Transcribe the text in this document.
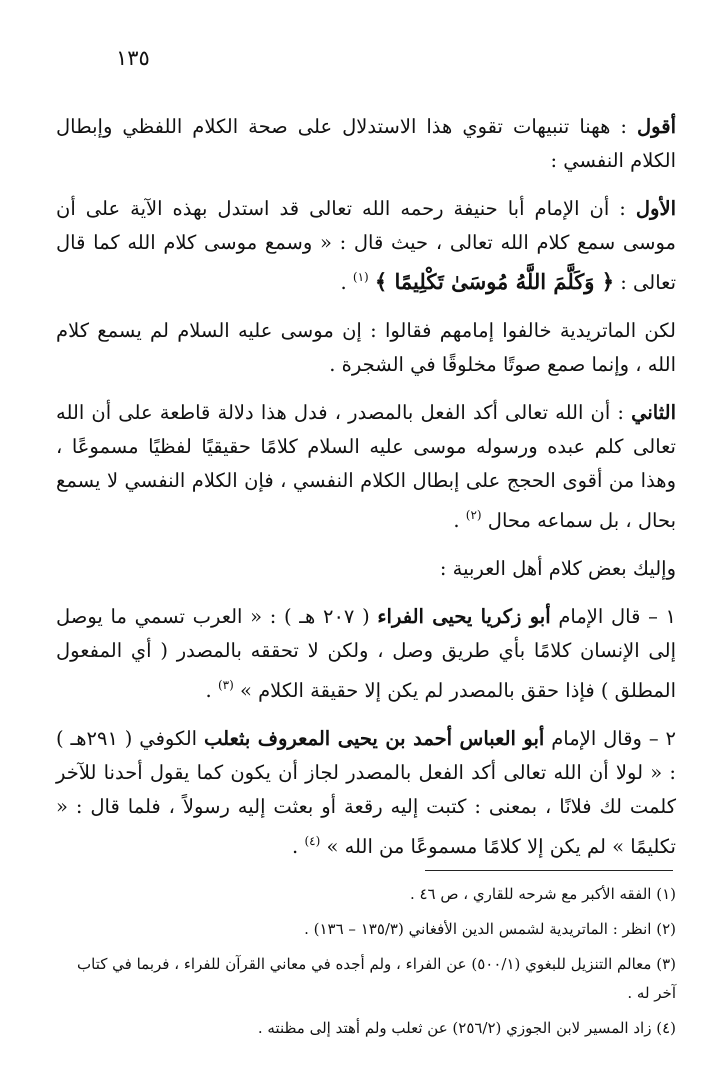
١٣٥

أقول : ههنا تنبيهات تقوي هذا الاستدلال على صحة الكلام اللفظي وإبطال الكلام النفسي :

الأول : أن الإمام أبا حنيفة رحمه الله تعالى قد استدل بهذه الآية على أن موسى سمع كلام الله تعالى ، حيث قال : « وسمع موسى كلام الله كما قال تعالى : ﴿ وَكَلَّمَ اللَّهُ مُوسَىٰ تَكْلِيمًا ﴾ $^{(١)}$ .

لكن الماتريدية خالفوا إمامهم فقالوا : إن موسى عليه السلام لم يسمع كلام الله ، وإنما صمع صوتًا مخلوقًا في الشجرة .

الثاني : أن الله تعالى أكد الفعل بالمصدر ، فدل هذا دلالة قاطعة على أن الله تعالى كلم عبده ورسوله موسى عليه السلام كلامًا حقيقيًا لفظيًا مسموعًا ، وهذا من أقوى الحجج على إبطال الكلام النفسي ، فإن الكلام النفسي لا يسمع بحال ، بل سماعه محال $^{(٢)}$ .

وإليك بعض كلام أهل العربية :

١ – قال الإمام أبو زكريا يحيى الفراء ( ٢٠٧ هـ ) : « العرب تسمي ما يوصل إلى الإنسان كلامًا بأي طريق وصل ، ولكن لا تحققه بالمصدر ( أي المفعول المطلق ) فإذا حقق بالمصدر لم يكن إلا حقيقة الكلام » $^{(٣)}$ .

٢ – وقال الإمام أبو العباس أحمد بن يحيى المعروف بثعلب الكوفي ( ٢٩١هـ ) : « لولا أن الله تعالى أكد الفعل بالمصدر لجاز أن يكون كما يقول أحدنا للآخر كلمت لك فلانًا ، بمعنى : كتبت إليه رقعة أو بعثت إليه رسولاً ، فلما قال : « تكليمًا » لم يكن إلا كلامًا مسموعًا من الله » $^{(٤)}$ .

(١) الفقه الأكبر مع شرحه للقاري ، ص ٤٦ .

(٢) انظر : الماتريدية لشمس الدين الأفغاني (١٣٥/٣ – ١٣٦) .

(٣) معالم التنزيل للبغوي (٥٠٠/١) عن الفراء ، ولم أجده في معاني القرآن للفراء ، فربما في كتاب آخر له .

(٤) زاد المسير لابن الجوزي (٢٥٦/٢) عن ثعلب ولم أهتد إلى مظنته .
